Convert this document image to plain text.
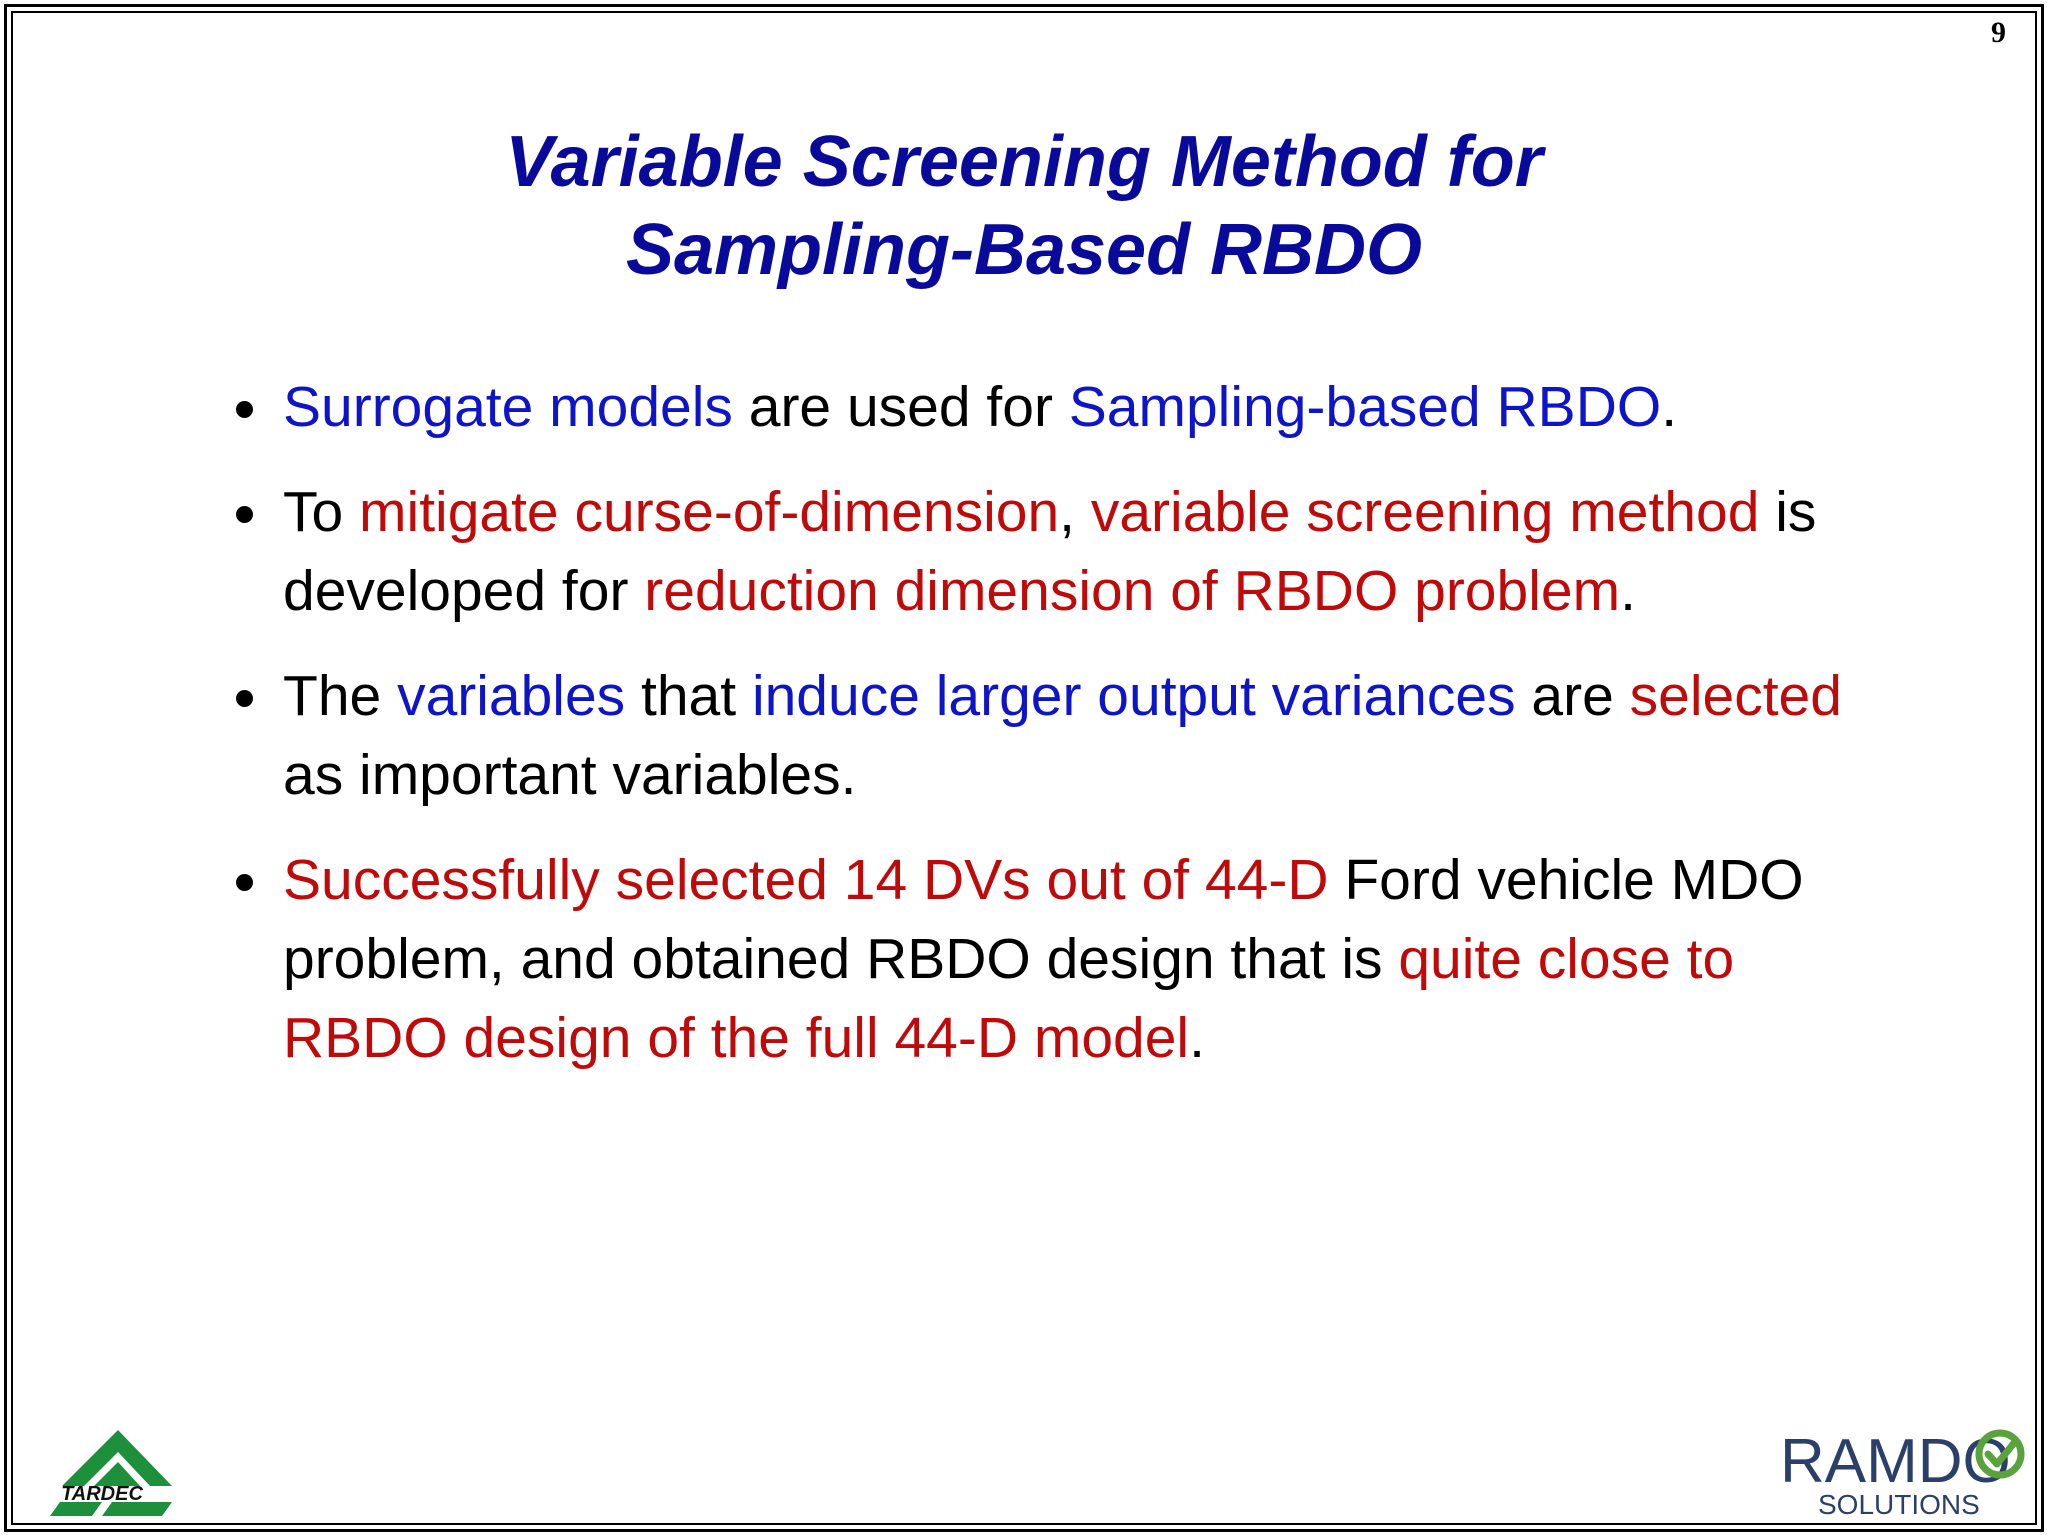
9
Variable Screening Method for
Sampling-Based RBDO
Surrogate models are used for Sampling-based RBDO.
To mitigate curse-of-dimension, variable screening method is developed for reduction dimension of RBDO problem.
The variables that induce larger output variances are selected as important variables.
Successfully selected 14 DVs out of 44-D Ford vehicle MDO problem, and obtained RBDO design that is quite close to RBDO design of the full 44-D model.
TARDEC	RAMDO
SOLUTIONS
